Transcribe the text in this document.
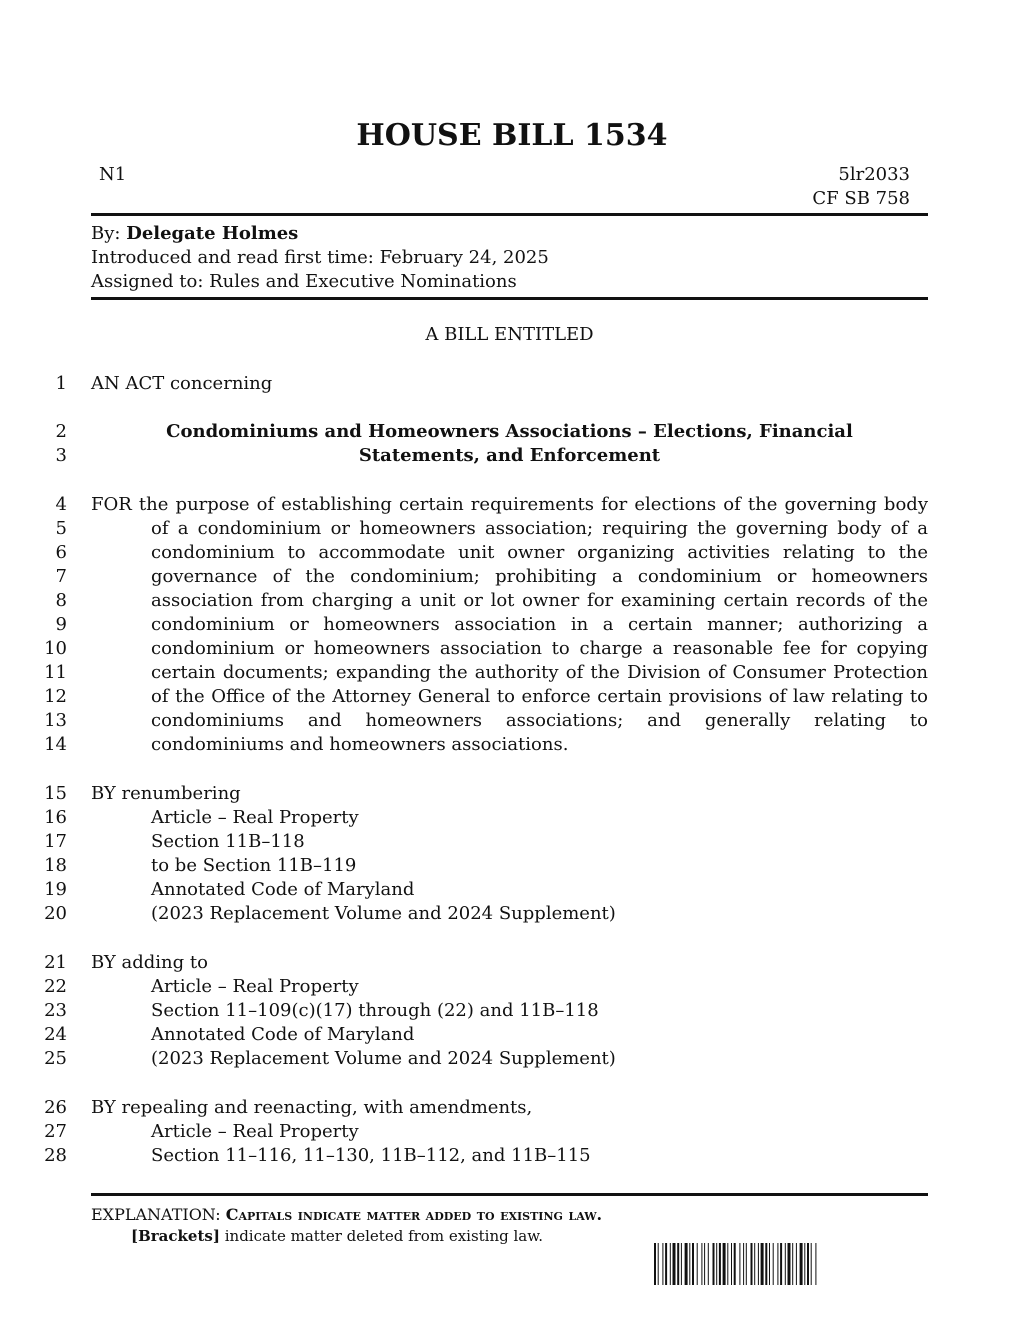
HOUSE BILL 1534
N1	5lr2033
CF SB 758
By: Delegate Holmes
Introduced and read first time: February 24, 2025
Assigned to: Rules and Executive Nominations
A BILL ENTITLED
1
2
3
4
5
6
7
8
9
10
11
12
13
14
15
16
17
18
19
20
21
22
23
24
25
26
27
28
AN ACT concerning
Condominiums and Homeowners Associations – Elections, Financial
Statements, and Enforcement
FOR the purpose of establishing certain requirements for elections of the governing body
of a condominium or homeowners association; requiring the governing body of a
condominium to accommodate unit owner organizing activities relating to the
governance of the condominium; prohibiting a condominium or homeowners
association from charging a unit or lot owner for examining certain records of the
condominium or homeowners association in a certain manner; authorizing a
condominium or homeowners association to charge a reasonable fee for copying
certain documents; expanding the authority of the Division of Consumer Protection
of the Office of the Attorney General to enforce certain provisions of law relating to
condominiums and homeowners associations; and generally relating to
condominiums and homeowners associations.
BY renumbering
Article – Real Property
Section 11B–118
to be Section 11B–119
Annotated Code of Maryland
(2023 Replacement Volume and 2024 Supplement)
BY adding to
Article – Real Property
Section 11–109(c)(17) through (22) and 11B–118
Annotated Code of Maryland
(2023 Replacement Volume and 2024 Supplement)
BY repealing and reenacting, with amendments,
Article – Real Property
Section 11–116, 11–130, 11B–112, and 11B–115
EXPLANATION: Capitals indicate matter added to existing law.
[Brackets] indicate matter deleted from existing law.
